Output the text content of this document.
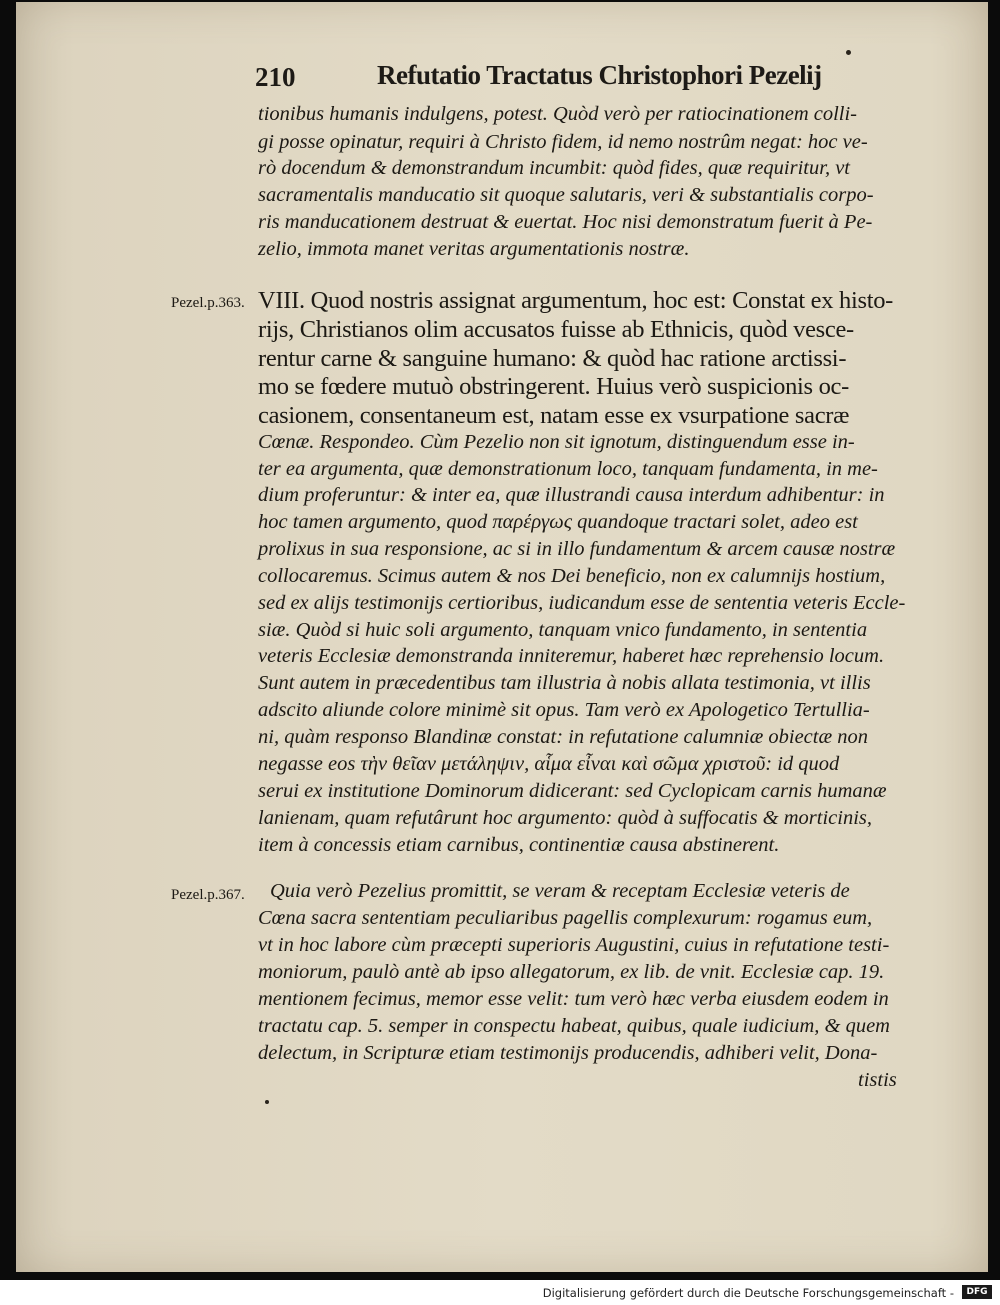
210	Refutatio Tractatus Christophori Pezelij
tionibus humanis indulgens, potest. Quòd verò per ratiocinationem colli-
gi posse opinatur, requiri à Christo fidem, id nemo nostrûm negat: hoc ve-
rò docendum & demonstrandum incumbit: quòd fides, quæ requiritur, vt
sacramentalis manducatio sit quoque salutaris, veri & substantialis corpo-
ris manducationem destruat & euertat. Hoc nisi demonstratum fuerit à Pe-
zelio, immota manet veritas argumentationis nostræ.
Pezel.p.363. VIII. Quod nostris assignat argumentum, hoc est: Constat ex histo-
rijs, Christianos olim accusatos fuisse ab Ethnicis, quòd vesce-
rentur carne & sanguine humano: & quòd hac ratione arctissi-
mo se fœdere mutuò obstringerent. Huius verò suspicionis oc-
casionem, consentaneum est, natam esse ex vsurpatione sacræ
Cœnæ. Respondeo. Cùm Pezelio non sit ignotum, distinguendum esse in-
ter ea argumenta, quæ demonstrationum loco, tanquam fundamenta, in me-
dium proferuntur: & inter ea, quæ illustrandi causa interdum adhibentur: in
hoc tamen argumento, quod παρέργως quandoque tractari solet, adeo est
prolixus in sua responsione, ac si in illo fundamentum & arcem causæ nostræ
collocaremus. Scimus autem & nos Dei beneficio, non ex calumnijs hostium,
sed ex alijs testimonijs certioribus, iudicandum esse de sententia veteris Eccle-
siæ. Quòd si huic soli argumento, tanquam vnico fundamento, in sententia
veteris Ecclesiæ demonstranda inniteremur, haberet hæc reprehensio locum.
Sunt autem in præcedentibus tam illustria à nobis allata testimonia, vt illis
adscito aliunde colore minimè sit opus. Tam verò ex Apologetico Tertullia-
ni, quàm responso Blandinæ constat: in refutatione calumniæ obiectæ non
negasse eos τὴν θεῖαν μετάληψιν, αἷμα εἶναι καὶ σῶμα χριστοῦ: id quod
serui ex institutione Dominorum didicerant: sed Cyclopicam carnis humanæ
lanienam, quam refutârunt hoc argumento: quòd à suffocatis & morticinis,
item à concessis etiam carnibus, continentiæ causa abstinerent.
Pezel.p.367. Quia verò Pezelius promittit, se veram & receptam Ecclesiæ veteris de
Cœna sacra sententiam peculiaribus pagellis complexurum: rogamus eum,
vt in hoc labore cùm præcepti superioris Augustini, cuius in refutatione testi-
moniorum, paulò antè ab ipso allegatorum, ex lib. de vnit. Ecclesiæ cap. 19.
mentionem fecimus, memor esse velit: tum verò hæc verba eiusdem eodem in
tractatu cap. 5. semper in conspectu habeat, quibus, quale iudicium, & quem
delectum, in Scripturæ etiam testimonijs producendis, adhiberi velit, Dona-
tistis
Digitalisierung gefördert durch die Deutsche Forschungsgemeinschaft -	DFG
